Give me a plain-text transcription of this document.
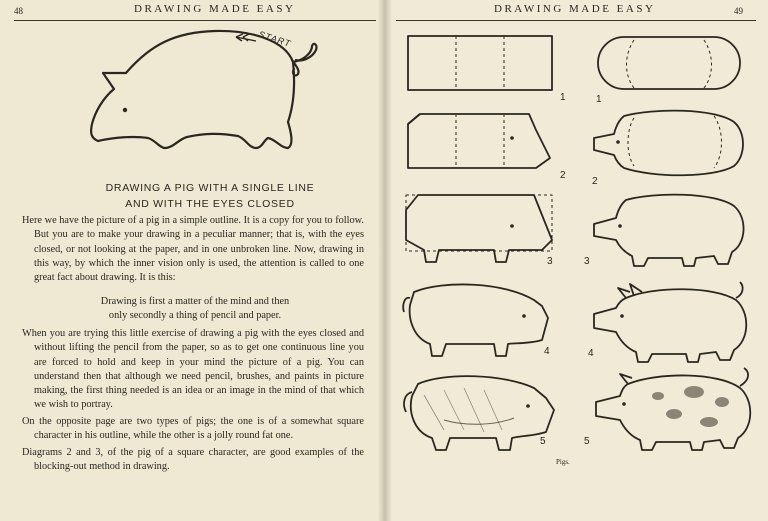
48	DRAWING MADE EASY
START
DRAWING A PIG WITH A SINGLE LINE
AND WITH THE EYES CLOSED

Here we have the picture of a pig in a simple outline. It is a copy for you to follow. But you are to make your drawing in a peculiar manner; that is, with the eyes closed, or not looking at the paper, and in one unbroken line. Now, drawing in this way, by which the inner vision only is used, the attention is called to one great fact about drawing. It is this:

Drawing is first a matter of the mind and then
only secondly a thing of pencil and paper.

When you are trying this little exercise of drawing a pig with the eyes closed and without lifting the pencil from the paper, so as to get one continuous line you are forced to hold and keep in your mind the picture of a pig. You can understand then that although we need pencil, brushes, and paints in picture making, the first thing needed is an idea or an image in the mind of that which we wish to portray.

On the opposite page are two types of pigs; the one is of a somewhat square character in his outline, while the other is a jolly round fat one.

Diagrams 2 and 3, of the pig of a square character, are good examples of the blocking-out method in drawing.

DRAWING MADE EASY	49
1
2
3
4
5
1
2
3
4
5
Pigs.
